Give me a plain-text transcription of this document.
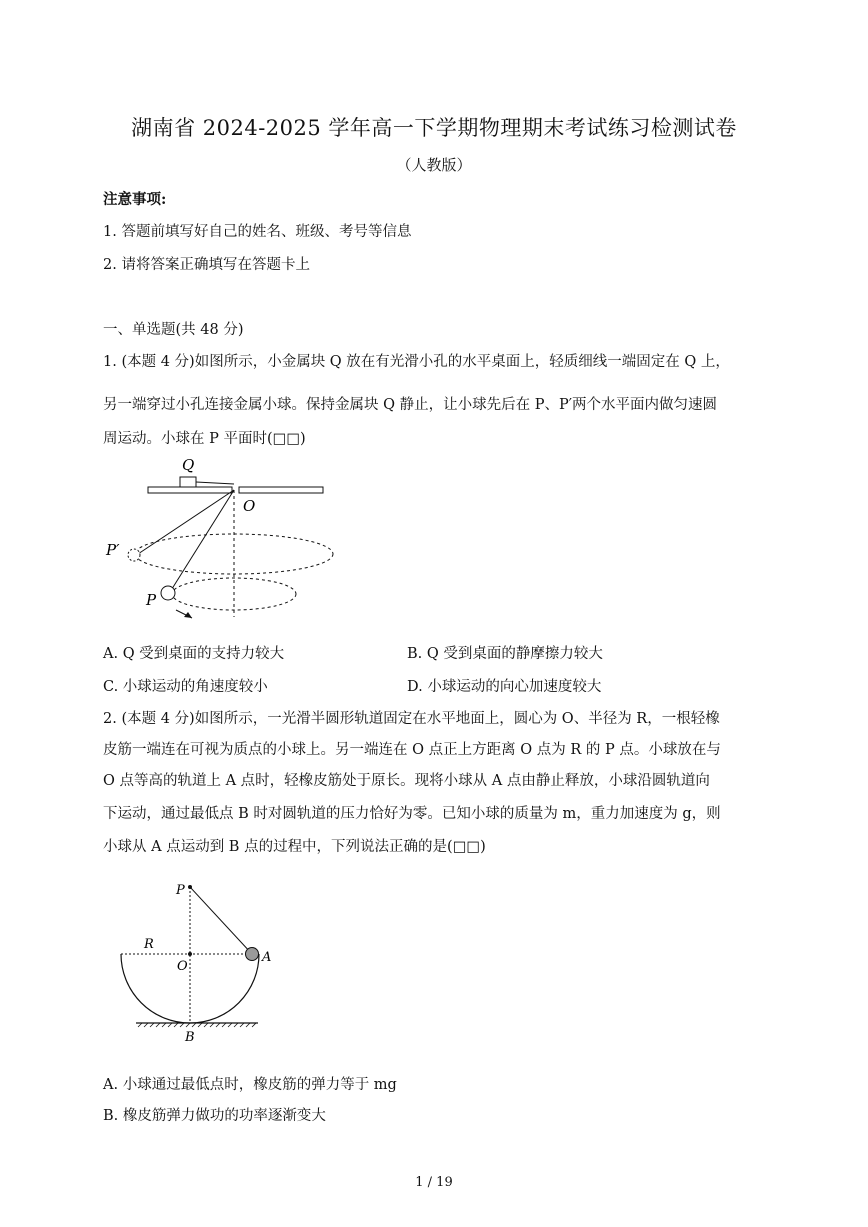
湖南省 2024-2025 学年高一下学期物理期末考试练习检测试卷
（人教版）
注意事项:
1. 答题前填写好自己的姓名、班级、考号等信息
2. 请将答案正确填写在答题卡上
一、单选题(共 48 分)
1. (本题 4 分)如图所示，小金属块 Q 放在有光滑小孔的水平桌面上，轻质细线一端固定在 Q 上，
另一端穿过小孔连接金属小球。保持金属块 Q 静止，让小球先后在 P、P′两个水平面内做匀速圆
周运动。小球在 P 平面时(□□)
Q
O
P′
P
A. Q 受到桌面的支持力较大	B. Q 受到桌面的静摩擦力较大
C. 小球运动的角速度较小	D. 小球运动的向心加速度较大
2. (本题 4 分)如图所示，一光滑半圆形轨道固定在水平地面上，圆心为 O、半径为 R，一根轻橡
皮筋一端连在可视为质点的小球上。另一端连在 O 点正上方距离 O 点为 R 的 P 点。小球放在与
O 点等高的轨道上 A 点时，轻橡皮筋处于原长。现将小球从 A 点由静止释放，小球沿圆轨道向
下运动，通过最低点 B 时对圆轨道的压力恰好为零。已知小球的质量为 m，重力加速度为 g，则
小球从 A 点运动到 B 点的过程中，下列说法正确的是(□□)
P
R
O
A
B
A. 小球通过最低点时，橡皮筋的弹力等于 mg
B. 橡皮筋弹力做功的功率逐渐变大
1 / 19
